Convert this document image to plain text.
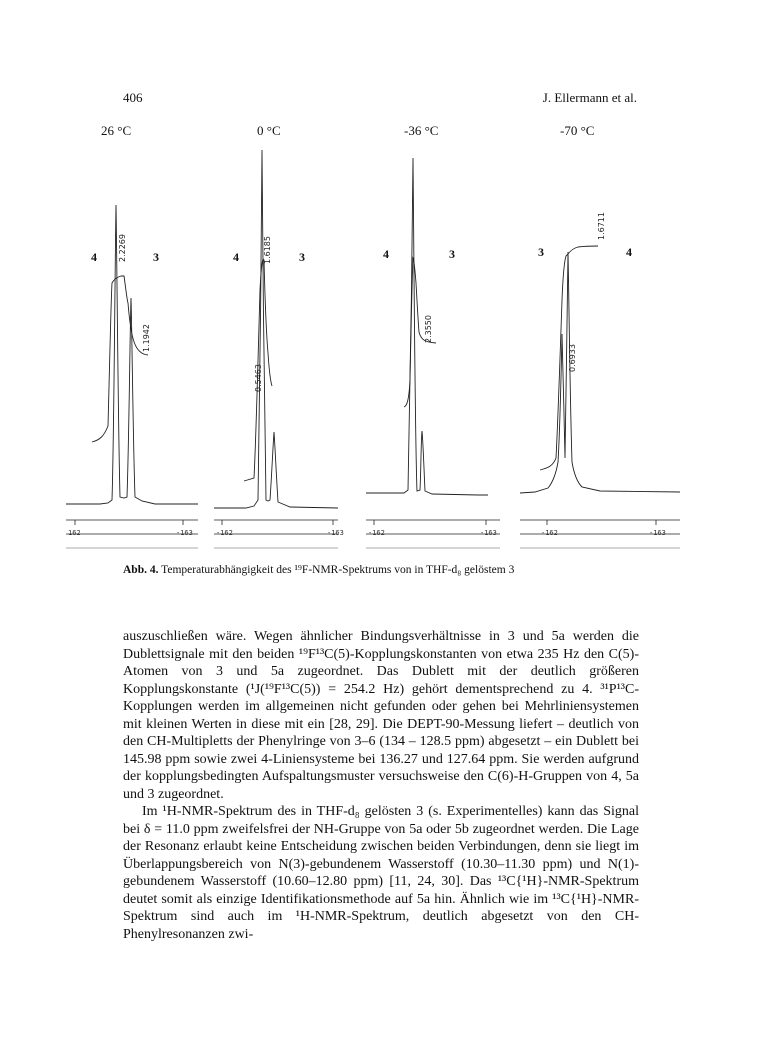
406	J. Ellermann et al.
26 °C	0 °C	-36 °C	-70 °C
4	3	4	3	4	3	3	4
2.2269
1.1942
1.6185
0.5463
2.3550
1.6711
0.6933
162	-163	-162	-163	-162	-163	-162	-163
Abb. 4. Temperaturabhängigkeit des ¹⁹F-NMR-Spektrums von in THF-d₈ gelöstem 3

auszuschließen wäre. Wegen ähnlicher Bindungsverhältnisse in 3 und 5a werden die Dublettsignale mit den beiden ¹⁹F¹³C(5)-Kopplungskonstanten von etwa 235 Hz den C(5)-Atomen von 3 und 5a zugeordnet. Das Dublett mit der deutlich größeren Kopplungskonstante (¹J(¹⁹F¹³C(5)) = 254.2 Hz) gehört dementsprechend zu 4. ³¹P¹³C-Kopplungen werden im allgemeinen nicht gefunden oder gehen bei Mehrliniensystemen mit kleinen Werten in diese mit ein [28, 29]. Die DEPT-90-Messung liefert – deutlich von den CH-Multipletts der Phenylringe von 3–6 (134 – 128.5 ppm) abgesetzt – ein Dublett bei 145.98 ppm sowie zwei 4-Liniensysteme bei 136.27 und 127.64 ppm. Sie werden aufgrund der kopplungsbedingten Aufspaltungsmuster versuchsweise den C(6)-H-Gruppen von 4, 5a und 3 zugeordnet.

Im ¹H-NMR-Spektrum des in THF-d₈ gelösten 3 (s. Experimentelles) kann das Signal bei δ = 11.0 ppm zweifelsfrei der NH-Gruppe von 5a oder 5b zugeordnet werden. Die Lage der Resonanz erlaubt keine Entscheidung zwischen beiden Verbindungen, denn sie liegt im Überlappungsbereich von N(3)-gebundenem Wasserstoff (10.30–11.30 ppm) und N(1)-gebundenem Wasserstoff (10.60–12.80 ppm) [11, 24, 30]. Das ¹³C{¹H}-NMR-Spektrum deutet somit als einzige Identifikationsmethode auf 5a hin. Ähnlich wie im ¹³C{¹H}-NMR-Spektrum sind auch im ¹H-NMR-Spektrum, deutlich abgesetzt von den CH-Phenylresonanzen zwi-
